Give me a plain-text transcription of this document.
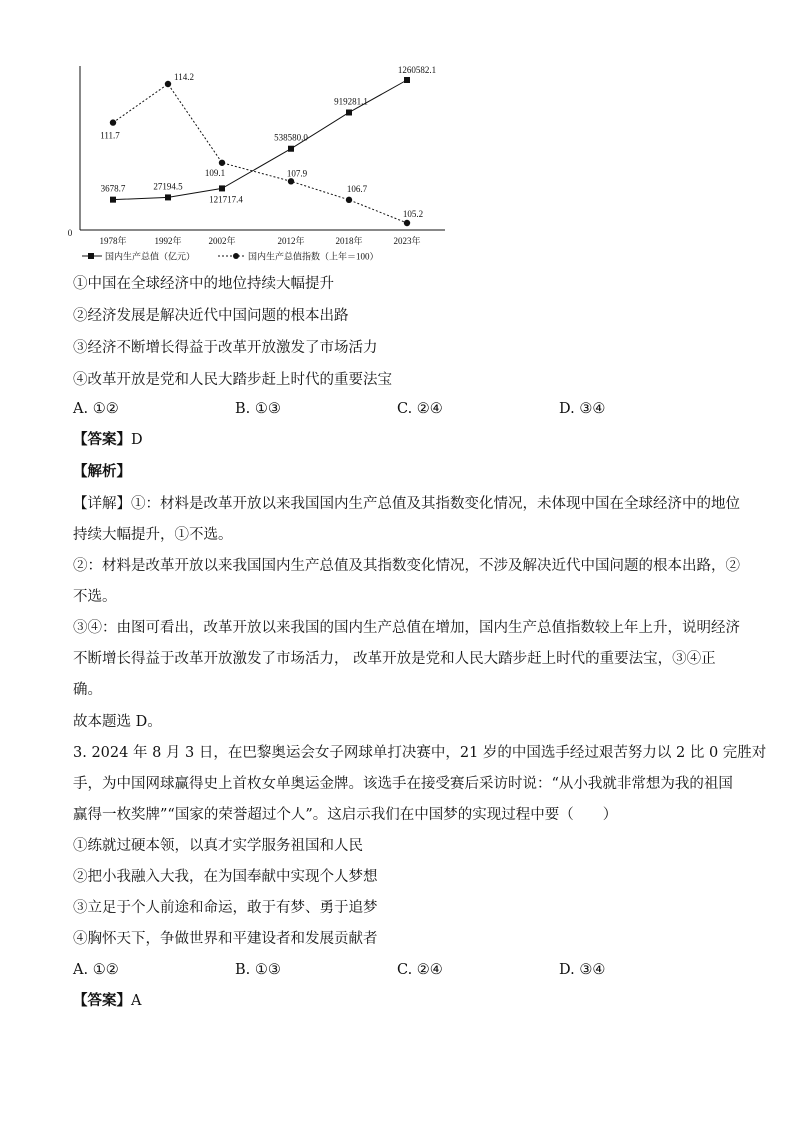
0
1978年	1992年	2002年	2012年	2018年	2023年
3678.7	27194.5
121717.4
538580.0
919281.1
1260582.1
111.7
114.2
109.1	107.9
106.7
105.2
国内生产总值（亿元）	国内生产总值指数（上年＝100）
①中国在全球经济中的地位持续大幅提升
②经济发展是解决近代中国问题的根本出路
③经济不断增长得益于改革开放激发了市场活力
④改革开放是党和人民大踏步赶上时代的重要法宝
A. ①②	B. ①③	C. ②④	D. ③④
【答案】D
【解析】
【详解】①：材料是改革开放以来我国国内生产总值及其指数变化情况，未体现中国在全球经济中的地位
持续大幅提升，①不选。
②：材料是改革开放以来我国国内生产总值及其指数变化情况，不涉及解决近代中国问题的根本出路，②
不选。
③④：由图可看出，改革开放以来我国的国内生产总值在增加，国内生产总值指数较上年上升，说明经济
不断增长得益于改革开放激发了市场活力， 改革开放是党和人民大踏步赶上时代的重要法宝，③④正
确。
故本题选 D。
3. 2024 年 8 月 3 日，在巴黎奥运会女子网球单打决赛中，21 岁的中国选手经过艰苦努力以 2 比 0 完胜对
手，为中国网球赢得史上首枚女单奥运金牌。该选手在接受赛后采访时说：“从小我就非常想为我的祖国
赢得一枚奖牌”“国家的荣誉超过个人”。这启示我们在中国梦的实现过程中要（　　）
①练就过硬本领，以真才实学服务祖国和人民
②把小我融入大我，在为国奉献中实现个人梦想
③立足于个人前途和命运，敢于有梦、勇于追梦
④胸怀天下，争做世界和平建设者和发展贡献者
A. ①②	B. ①③	C. ②④	D. ③④
【答案】A
